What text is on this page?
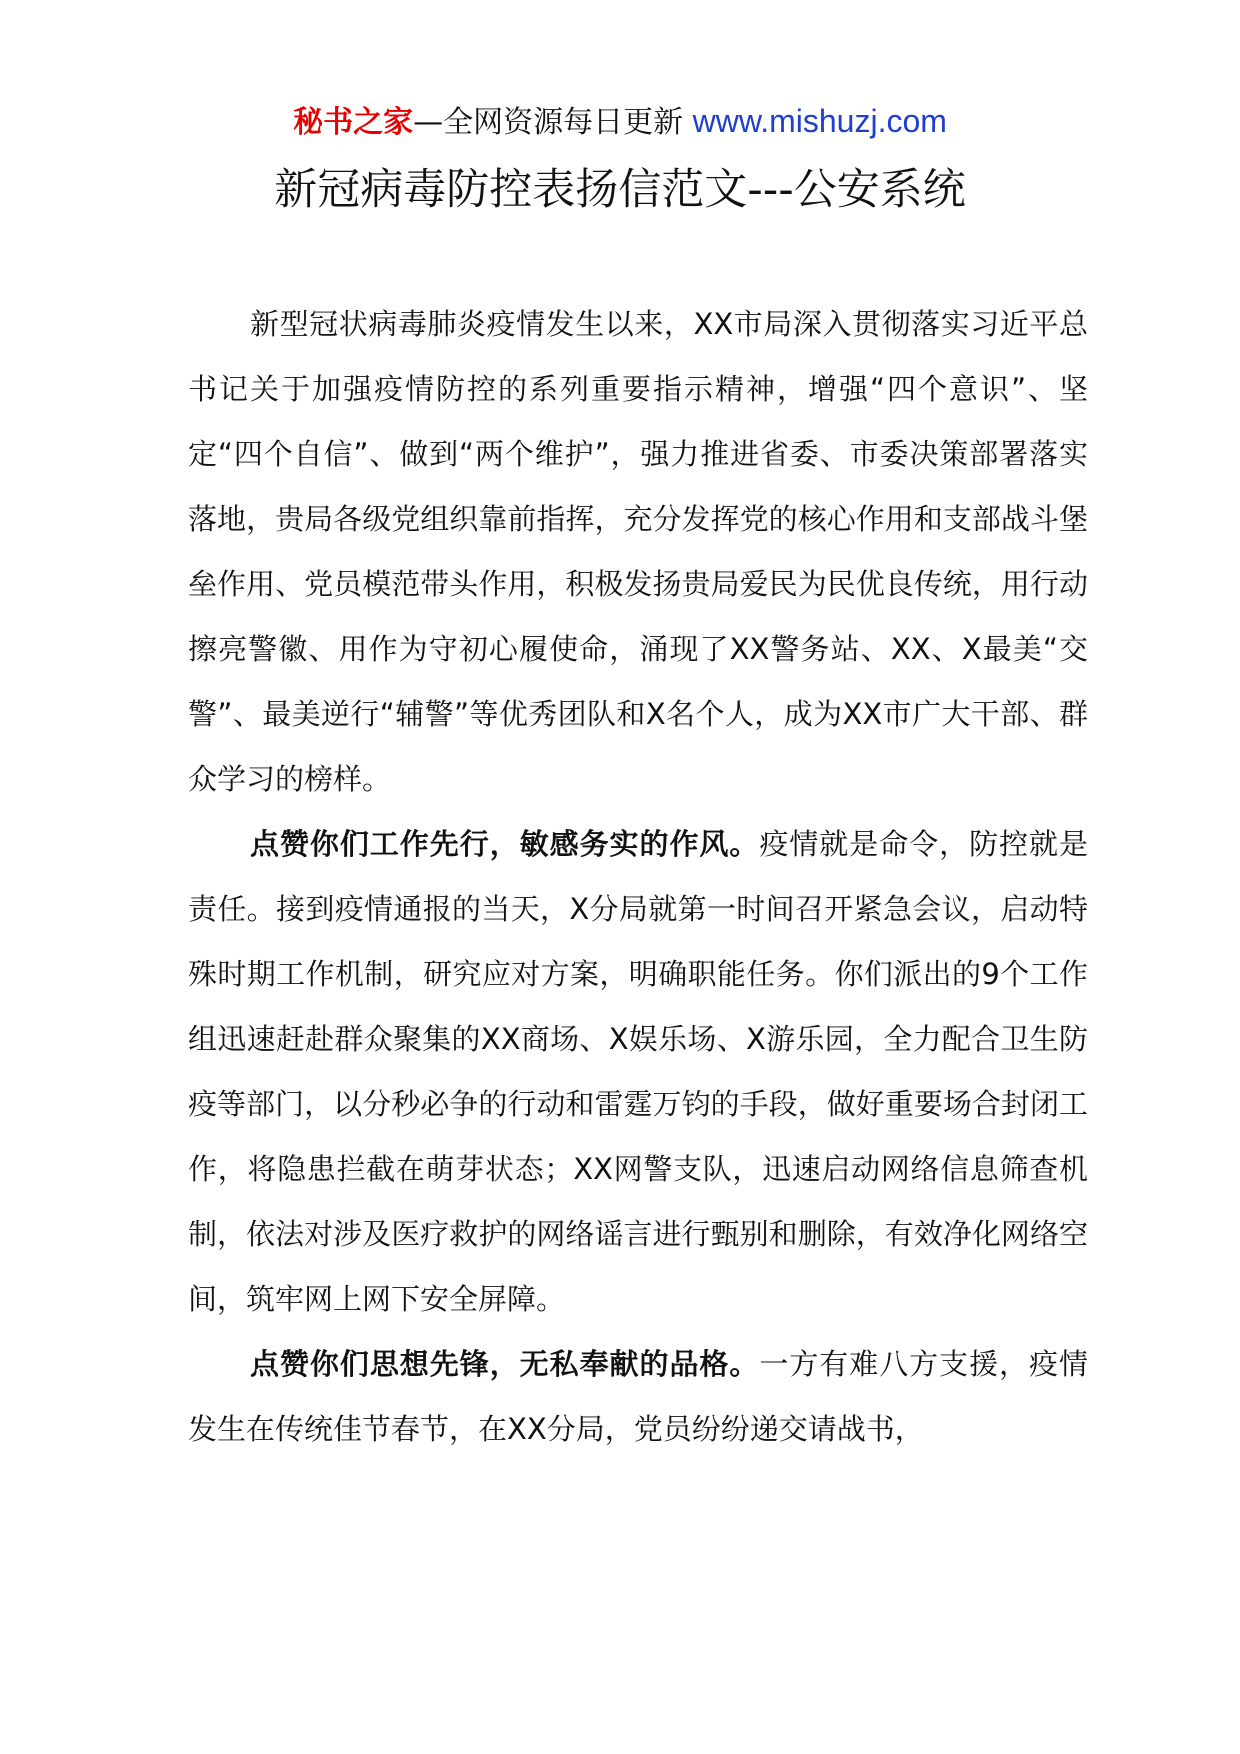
秘书之家—全网资源每日更新 www.mishuzj.com
新冠病毒防控表扬信范文---公安系统

新型冠状病毒肺炎疫情发生以来，XX市局深入贯彻落实习近平总书记关于加强疫情防控的系列重要指示精神，增强“四个意识”、坚定“四个自信”、做到“两个维护”，强力推进省委、市委决策部署落实落地，贵局各级党组织靠前指挥，充分发挥党的核心作用和支部战斗堡垒作用、党员模范带头作用，积极发扬贵局爱民为民优良传统，用行动擦亮警徽、用作为守初心履使命，涌现了XX警务站、XX、X最美“交警”、最美逆行“辅警”等优秀团队和X名个人，成为XX市广大干部、群众学习的榜样。

点赞你们工作先行，敏感务实的作风。疫情就是命令，防控就是责任。接到疫情通报的当天，X分局就第一时间召开紧急会议，启动特殊时期工作机制，研究应对方案，明确职能任务。你们派出的9个工作组迅速赶赴群众聚集的XX商场、X娱乐场、X游乐园，全力配合卫生防疫等部门，以分秒必争的行动和雷霆万钧的手段，做好重要场合封闭工作，将隐患拦截在萌芽状态；XX网警支队，迅速启动网络信息筛查机制，依法对涉及医疗救护的网络谣言进行甄别和删除，有效净化网络空间，筑牢网上网下安全屏障。

点赞你们思想先锋，无私奉献的品格。一方有难八方支援，疫情发生在传统佳节春节，在XX分局，党员纷纷递交请战书，
